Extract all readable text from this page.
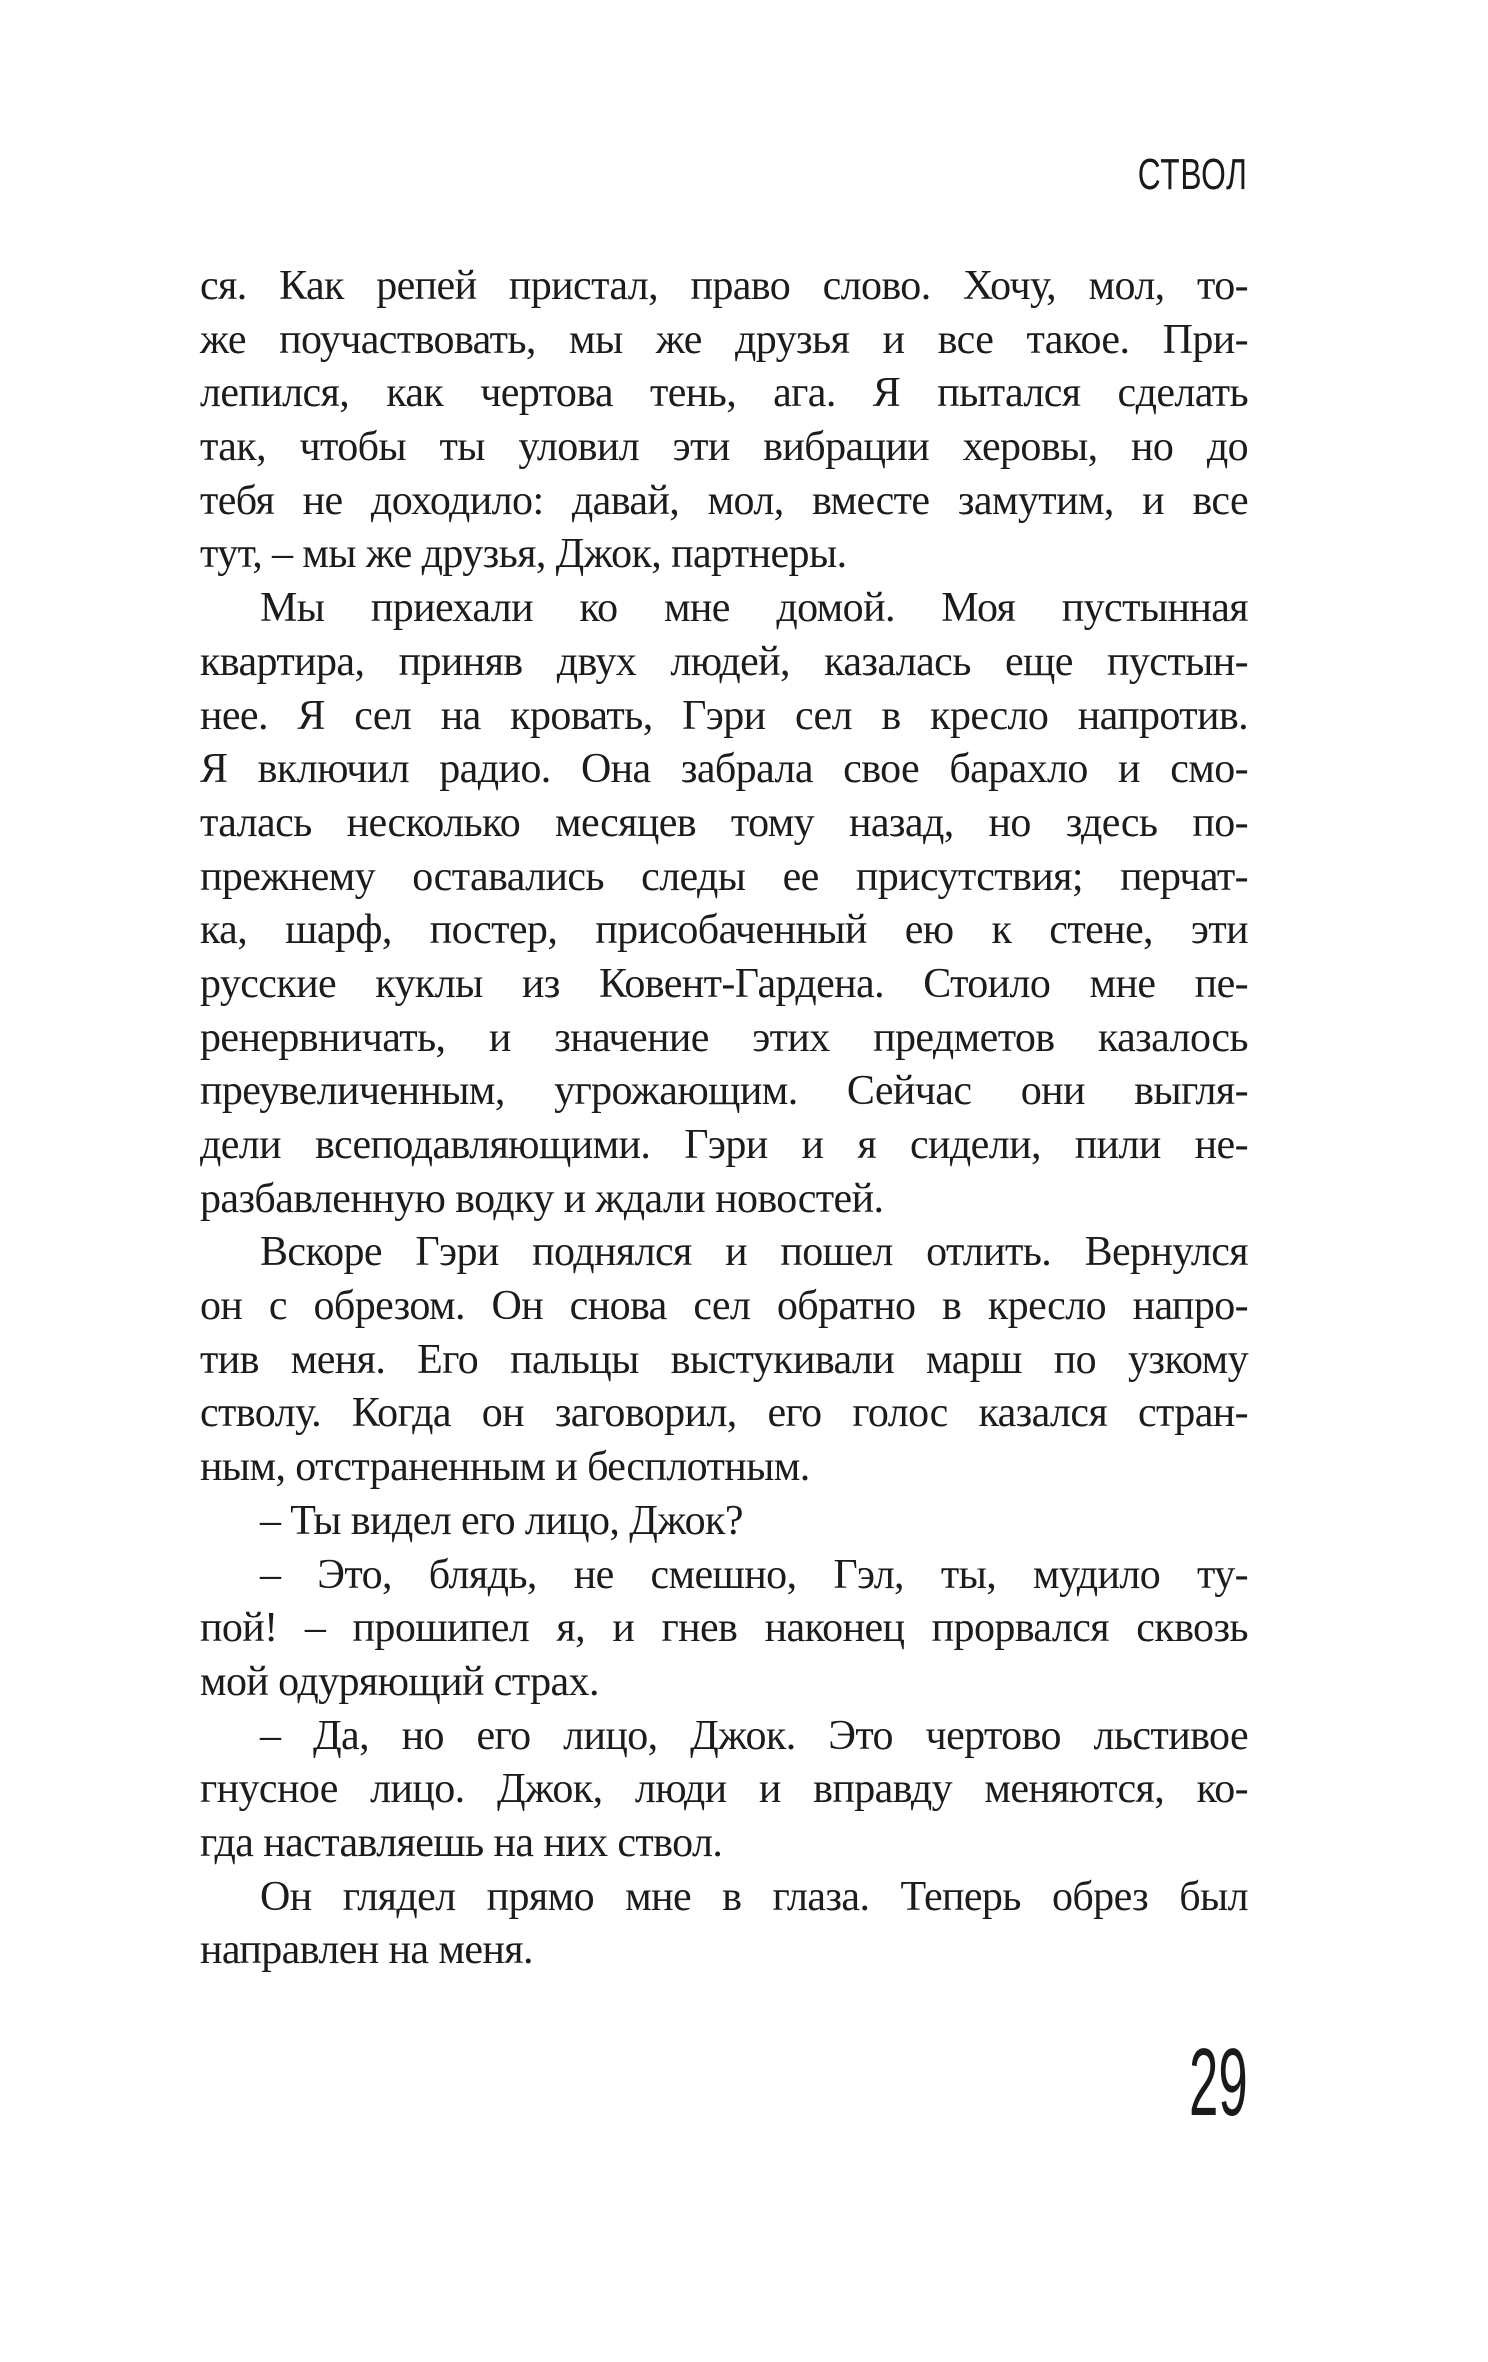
СТВОЛ
ся. Как репей пристал, право слово. Хочу, мол, то-
же поучаствовать, мы же друзья и все такое. При-
лепился, как чертова тень, ага. Я пытался сделать
так, чтобы ты уловил эти вибрации херовы, но до
тебя не доходило: давай, мол, вместе замутим, и все
тут, – мы же друзья, Джок, партнеры.
Мы приехали ко мне домой. Моя пустынная
квартира, приняв двух людей, казалась еще пустын-
нее. Я сел на кровать, Гэри сел в кресло напротив.
Я включил радио. Она забрала свое барахло и смо-
талась несколько месяцев тому назад, но здесь по-
прежнему оставались следы ее присутствия; перчат-
ка, шарф, постер, присобаченный ею к стене, эти
русские куклы из Ковент-Гардена. Стоило мне пе-
ренервничать, и значение этих предметов казалось
преувеличенным, угрожающим. Сейчас они выгля-
дели всеподавляющими. Гэри и я сидели, пили не-
разбавленную водку и ждали новостей.
Вскоре Гэри поднялся и пошел отлить. Вернулся
он с обрезом. Он снова сел обратно в кресло напро-
тив меня. Его пальцы выстукивали марш по узкому
стволу. Когда он заговорил, его голос казался стран-
ным, отстраненным и бесплотным.
– Ты видел его лицо, Джок?
– Это, блядь, не смешно, Гэл, ты, мудило ту-
пой! – прошипел я, и гнев наконец прорвался сквозь
мой одуряющий страх.
– Да, но его лицо, Джок. Это чертово льстивое
гнусное лицо. Джок, люди и вправду меняются, ко-
гда наставляешь на них ствол.
Он глядел прямо мне в глаза. Теперь обрез был
направлен на меня.
29
